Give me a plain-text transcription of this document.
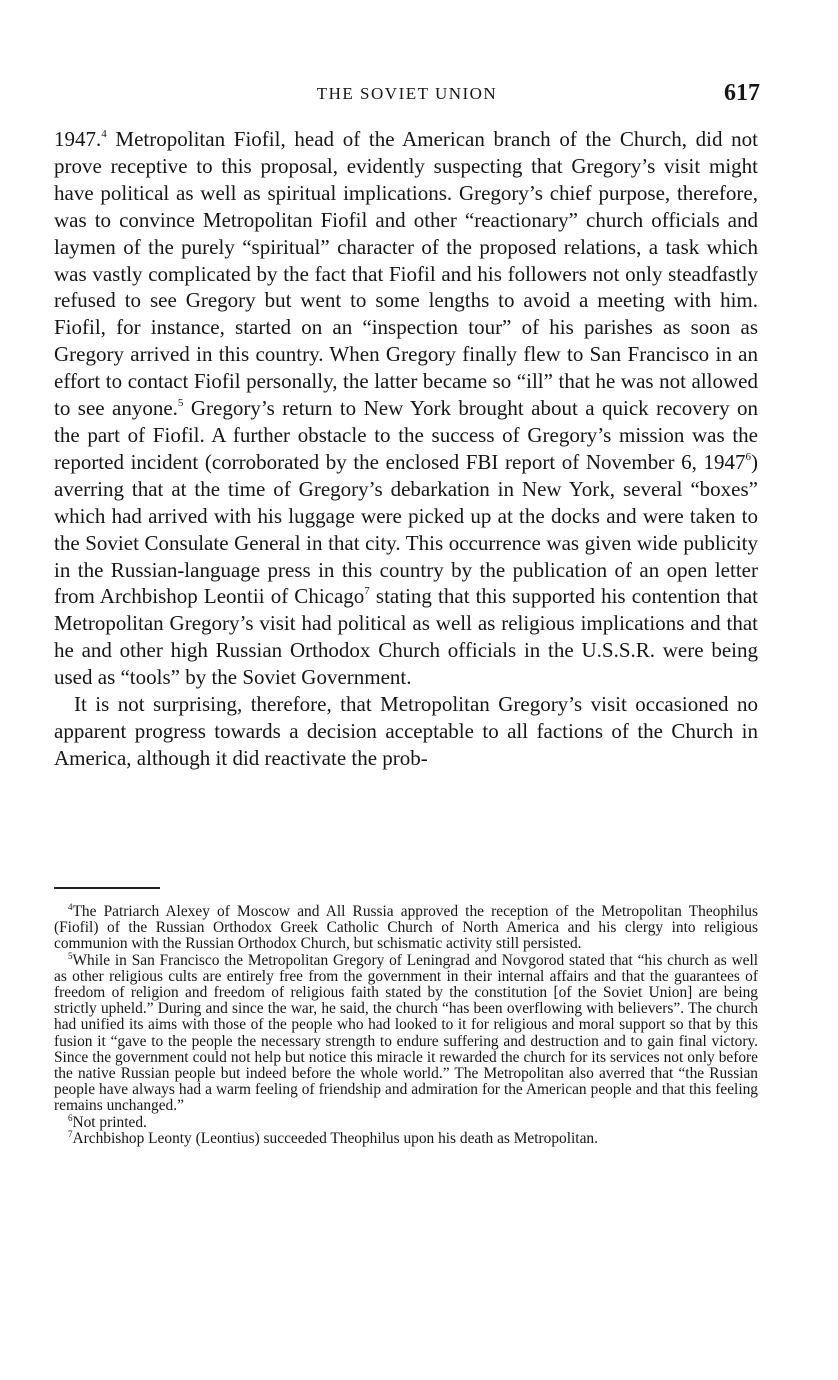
THE SOVIET UNION	617

1947.$^4$ Metropolitan Fiofil, head of the American branch of the Church, did not prove receptive to this proposal, evidently suspecting that Gregory’s visit might have political as well as spiritual implications. Gregory’s chief purpose, therefore, was to convince Metropolitan Fiofil and other “reactionary” church officials and laymen of the purely “spiritual” character of the proposed relations, a task which was vastly complicated by the fact that Fiofil and his followers not only steadfastly refused to see Gregory but went to some lengths to avoid a meeting with him. Fiofil, for instance, started on an “inspection tour” of his parishes as soon as Gregory arrived in this country. When Gregory finally flew to San Francisco in an effort to contact Fiofil personally, the latter became so “ill” that he was not allowed to see anyone.$^5$ Gregory’s return to New York brought about a quick recovery on the part of Fiofil. A further obstacle to the success of Gregory’s mission was the reported incident (corroborated by the enclosed FBI report of November 6, 1947$^6$) averring that at the time of Gregory’s debarkation in New York, several “boxes” which had arrived with his luggage were picked up at the docks and were taken to the Soviet Consulate General in that city. This occurrence was given wide publicity in the Russian-language press in this country by the publication of an open letter from Archbishop Leontii of Chicago$^7$ stating that this supported his contention that Metropolitan Gregory’s visit had political as well as religious implications and that he and other high Russian Orthodox Church officials in the U.S.S.R. were being used as “tools” by the Soviet Government.

It is not surprising, therefore, that Metropolitan Gregory’s visit occasioned no apparent progress towards a decision acceptable to all factions of the Church in America, although it did reactivate the prob-

$^4$The Patriarch Alexey of Moscow and All Russia approved the reception of the Metropolitan Theophilus (Fiofil) of the Russian Orthodox Greek Catholic Church of North America and his clergy into religious communion with the Russian Orthodox Church, but schismatic activity still persisted.

$^5$While in San Francisco the Metropolitan Gregory of Leningrad and Novgorod stated that “his church as well as other religious cults are entirely free from the government in their internal affairs and that the guarantees of freedom of religion and freedom of religious faith stated by the constitution [of the Soviet Union] are being strictly upheld.” During and since the war, he said, the church “has been overflowing with believers”. The church had unified its aims with those of the people who had looked to it for religious and moral support so that by this fusion it “gave to the people the necessary strength to endure suffering and destruction and to gain final victory. Since the government could not help but notice this miracle it rewarded the church for its services not only before the native Russian people but indeed before the whole world.” The Metropolitan also averred that “the Russian people have always had a warm feeling of friendship and admiration for the American people and that this feeling remains unchanged.”

$^6$Not printed.

$^7$Archbishop Leonty (Leontius) succeeded Theophilus upon his death as Metropolitan.
